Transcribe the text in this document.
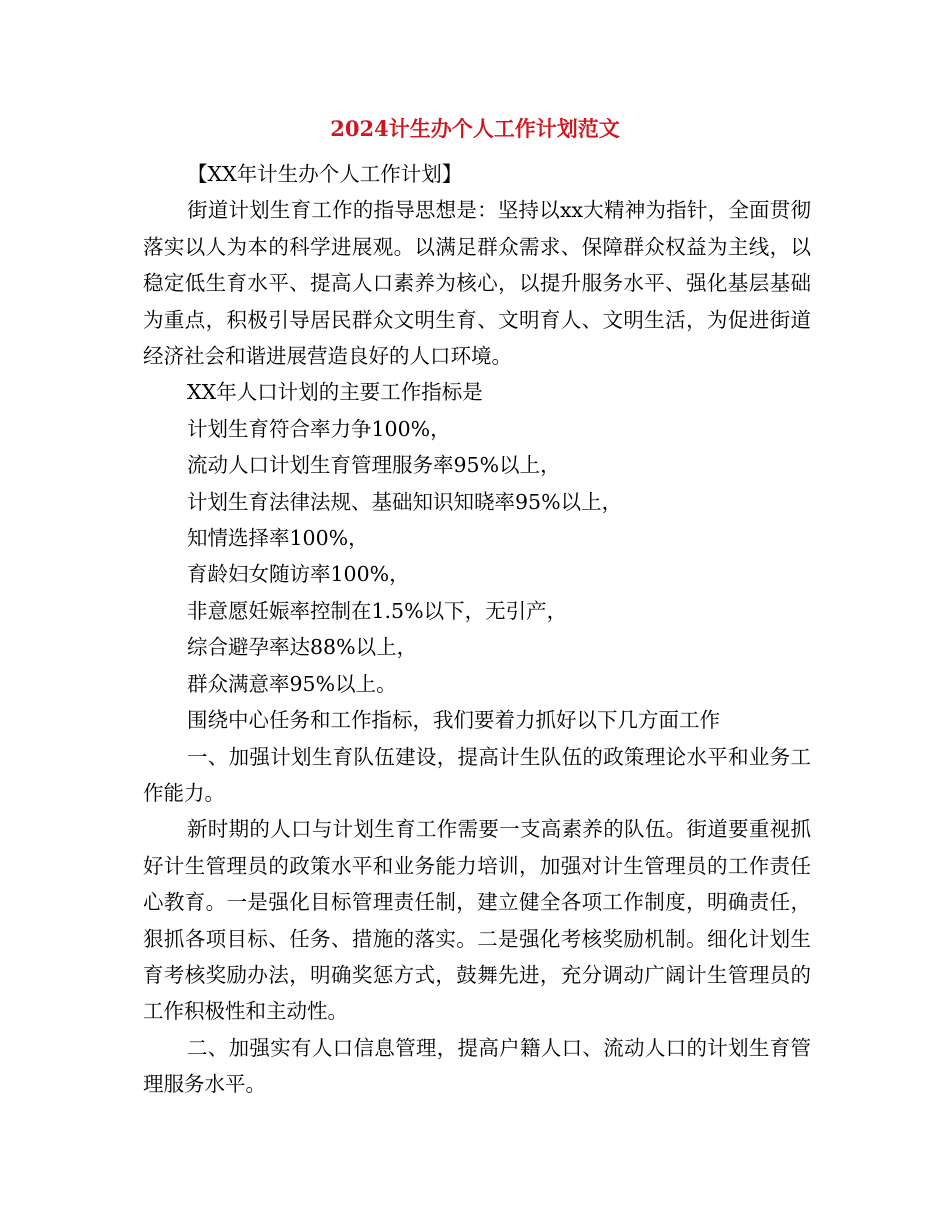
2024计生办个人工作计划范文

【XX年计生办个人工作计划】

街道计划生育工作的指导思想是：坚持以xx大精神为指针，全面贯彻落实以人为本的科学进展观。以满足群众需求、保障群众权益为主线，以稳定低生育水平、提高人口素养为核心，以提升服务水平、强化基层基础为重点，积极引导居民群众文明生育、文明育人、文明生活，为促进街道经济社会和谐进展营造良好的人口环境。

XX年人口计划的主要工作指标是

计划生育符合率力争100%，

流动人口计划生育管理服务率95%以上，

计划生育法律法规、基础知识知晓率95%以上，

知情选择率100%，

育龄妇女随访率100%，

非意愿妊娠率控制在1.5%以下，无引产，

综合避孕率达88%以上，

群众满意率95%以上。

围绕中心任务和工作指标，我们要着力抓好以下几方面工作

一、加强计划生育队伍建设，提高计生队伍的政策理论水平和业务工作能力。

新时期的人口与计划生育工作需要一支高素养的队伍。街道要重视抓好计生管理员的政策水平和业务能力培训，加强对计生管理员的工作责任心教育。一是强化目标管理责任制，建立健全各项工作制度，明确责任，狠抓各项目标、任务、措施的落实。二是强化考核奖励机制。细化计划生育考核奖励办法，明确奖惩方式，鼓舞先进，充分调动广阔计生管理员的工作积极性和主动性。

二、加强实有人口信息管理，提高户籍人口、流动人口的计划生育管理服务水平。
